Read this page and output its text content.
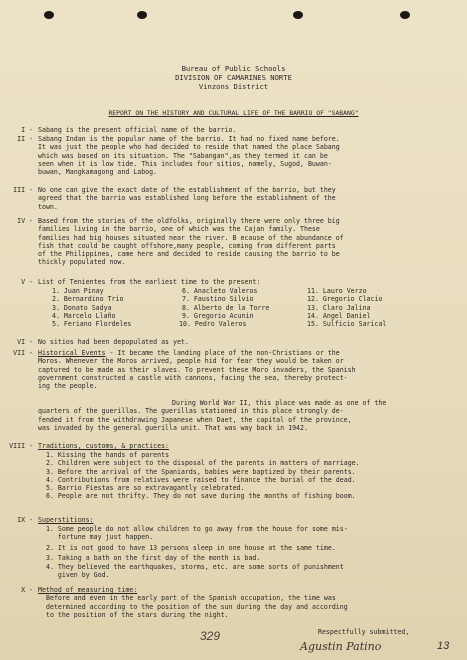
Bureau of Public Schools
DIVISION OF CAMARINES NORTE
Vinzons District
REPORT ON THE HISTORY AND CULTURAL LIFE OF THE BARRIO OF "SABANG"
I - Sabang is the present official name of the barrio.
II - Sabang Indan is the popular name of the barrio. It had no fixed name before.
It was just the people who had decided to reside that named the place Sabang
which was based on its situation. The "Sabangan",as they termed it can be
seen when it is low tide. This includes four sitios, namely, Sugod, Buwan-
buwan, Mangkamagong and Labog.
III - No one can give the exact date of the establishment of the barrio, but they
agreed that the barrio was established long before the establishment of the
town.
IV - Based from the stories of the oldfolks, originally there were only three big
families living in the barrio, one of which was the Cajan family. These
families had big houses situated near the river. B ecause of the abundance of
fish that could be caught offshore,many people, coming from different parts
of the Philippines, came here and decided to reside causing the barrio to be
thickly populated now.
V - List of Tenientes from the earliest time to the present:
1. Juan Pinay
2. Bernardino Trio
3. Donato Sadya
4. Marcelo Llaño
5. Feriano Flordeles
6. Anacleto Valeros
7. Faustino Silvio
8. Alberto de la Torre
9. Gregorio Acunin
10. Pedro Valeros
11. Lauro Verzo
12. Gregorio Clacio
13. Claro Jalina
14. Angel Daniel
15. Sulficio Sarical
VI - No sitios had been depopulated as yet.
VII - Historical Events - It became the landing place of the non-Christians or the
Moros. Whenever the Moros arrived, people hid for fear they would be taken or
captured to be made as their slaves. To prevent these Moro invaders, the Spanish
government constructed a castle with cannons, facing the sea, thereby protect-
ing the people.
During World War II, this place was made as one of the
quarters of the guerillas. The guerillas stationed in this place strongly de-
fended it from the withdrawing Japanese when Daet, the capital of the province,
was invaded by the general guerilla unit. That was way back in 1942.
VIII - Traditions, customs, & practices:
1. Kissing the hands of parents
2. Children were subject to the disposal of the parents in matters of marriage.
3. Before the arrival of the Spaniards, babies were baptized by their parents.
4. Contributions from relatives were raised to finance the burial of the dead.
5. Barrio Fiestas are so extravagantly celebrated.
6. People are not thrifty. They do not save during the months of fishing boom.
IX - Superstitions:
1. Some people do not allow children to go away from the house for some mis-
fortune may just happen.
2. It is not good to have 13 persons sleep in one house at the same time.
3. Taking a bath on the first day of the month is bad.
4. They believed the earthquakes, storms, etc. are some sorts of punishment
given by God.
X - Method of measuring time:
Before and even in the early part of the Spanish occupation, the time was
determined according to the position of the sun during the day and according
to the position of the stars during the night.
329	Respectfully submitted,
Agustin Patino	13
